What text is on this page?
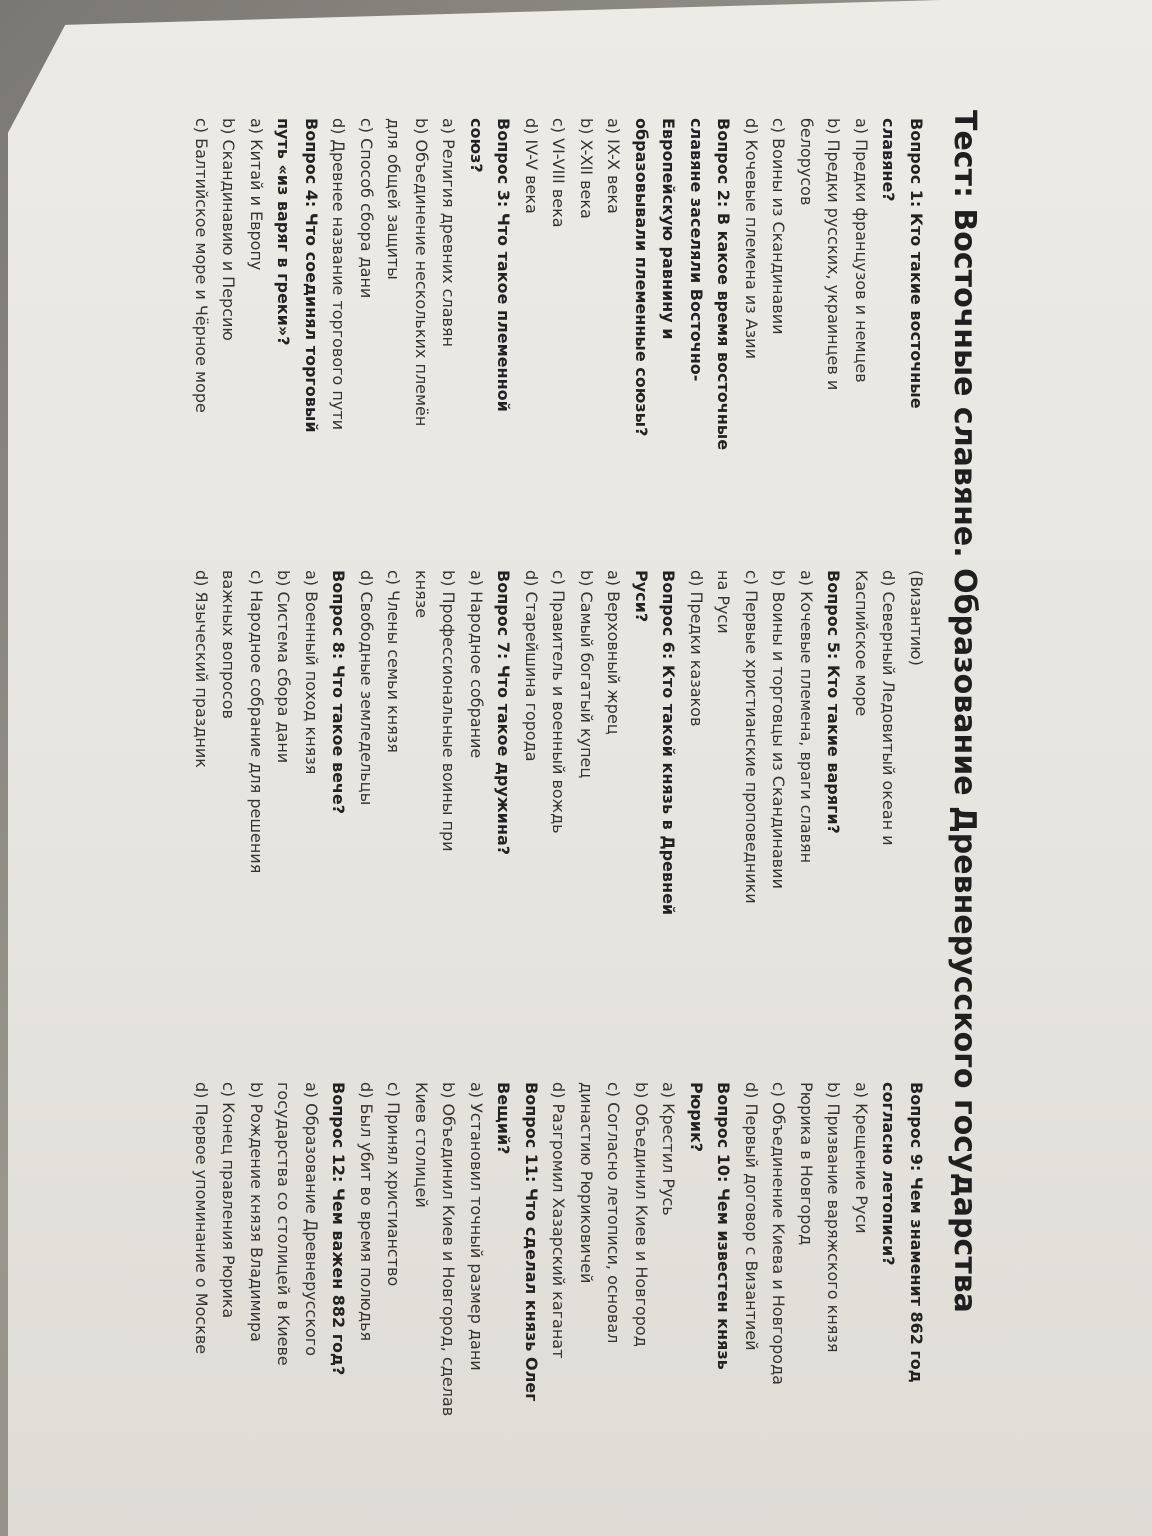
Тест: Восточные славяне. Образование Древнерусского государства
Вопрос 1: Кто такие восточные
славяне?
a) Предки французов и немцев
b) Предки русских, украинцев и
белорусов
c) Воины из Скандинавии
d) Кочевые племена из Азии
Вопрос 2: В какое время восточные
славяне заселяли Восточно-
Европейскую равнину и
образовывали племенные союзы?
a) IX-X века
b) X-XII века
c) VI-VIII века
d) IV-V века
Вопрос 3: Что такое племенной
союз?
a) Религия древних славян
b) Объединение нескольких племён
для общей защиты
c) Способ сбора дани
d) Древнее название торгового пути
Вопрос 4: Что соединял торговый
путь «из варяг в греки»?
a) Китай и Европу
b) Скандинавию и Персию
c) Балтийское море и Чёрное море
(Византию)
d) Северный Ледовитый океан и
Каспийское море
Вопрос 5: Кто такие варяги?
a) Кочевые племена, враги славян
b) Воины и торговцы из Скандинавии
c) Первые христианские проповедники
на Руси
d) Предки казаков
Вопрос 6: Кто такой князь в Древней
Руси?
a) Верховный жрец
b) Самый богатый купец
c) Правитель и военный вождь
d) Старейшина города
Вопрос 7: Что такое дружина?
a) Народное собрание
b) Профессиональные воины при
князе
c) Члены семьи князя
d) Свободные земледельцы
Вопрос 8: Что такое вече?
a) Военный поход князя
b) Система сбора дани
c) Народное собрание для решения
важных вопросов
d) Языческий праздник
Вопрос 9: Чем знаменит 862 год
согласно летописи?
a) Крещение Руси
b) Призвание варяжского князя
Рюрика в Новгород
c) Объединение Киева и Новгорода
d) Первый договор с Византией
Вопрос 10: Чем известен князь
Рюрик?
a) Крестил Русь
b) Объединил Киев и Новгород
c) Согласно летописи, основал
династию Рюриковичей
d) Разгромил Хазарский каганат
Вопрос 11: Что сделал князь Олег
Вещий?
a) Установил точный размер дани
b) Объединил Киев и Новгород, сделав
Киев столицей
c) Принял христианство
d) Был убит во время полюдья
Вопрос 12: Чем важен 882 год?
a) Образование Древнерусского
государства со столицей в Киеве
b) Рождение князя Владимира
c) Конец правления Рюрика
d) Первое упоминание о Москве
